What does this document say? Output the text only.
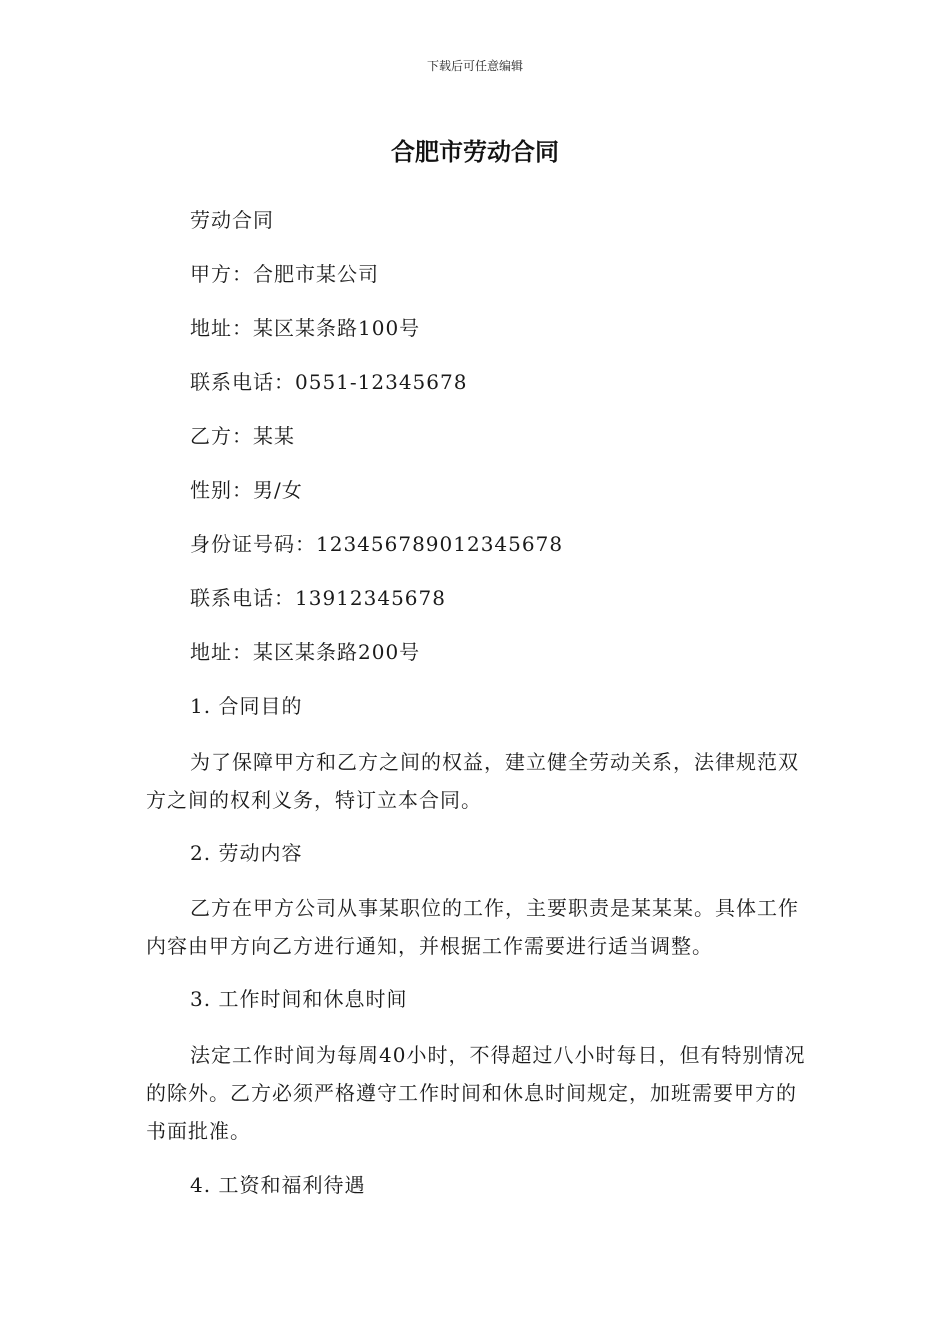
下载后可任意编辑
合肥市劳动合同
劳动合同
甲方：合肥市某公司
地址：某区某条路100号
联系电话：0551-12345678
乙方：某某
性别：男/女
身份证号码：123456789012345678
联系电话：13912345678
地址：某区某条路200号
1. 合同目的

为了保障甲方和乙方之间的权益，建立健全劳动关系，法律规范双方之间的权利义务，特订立本合同。

2. 劳动内容

乙方在甲方公司从事某职位的工作，主要职责是某某某。具体工作内容由甲方向乙方进行通知，并根据工作需要进行适当调整。

3. 工作时间和休息时间

法定工作时间为每周40小时，不得超过八小时每日，但有特别情况的除外。乙方必须严格遵守工作时间和休息时间规定，加班需要甲方的书面批准。

4. 工资和福利待遇
